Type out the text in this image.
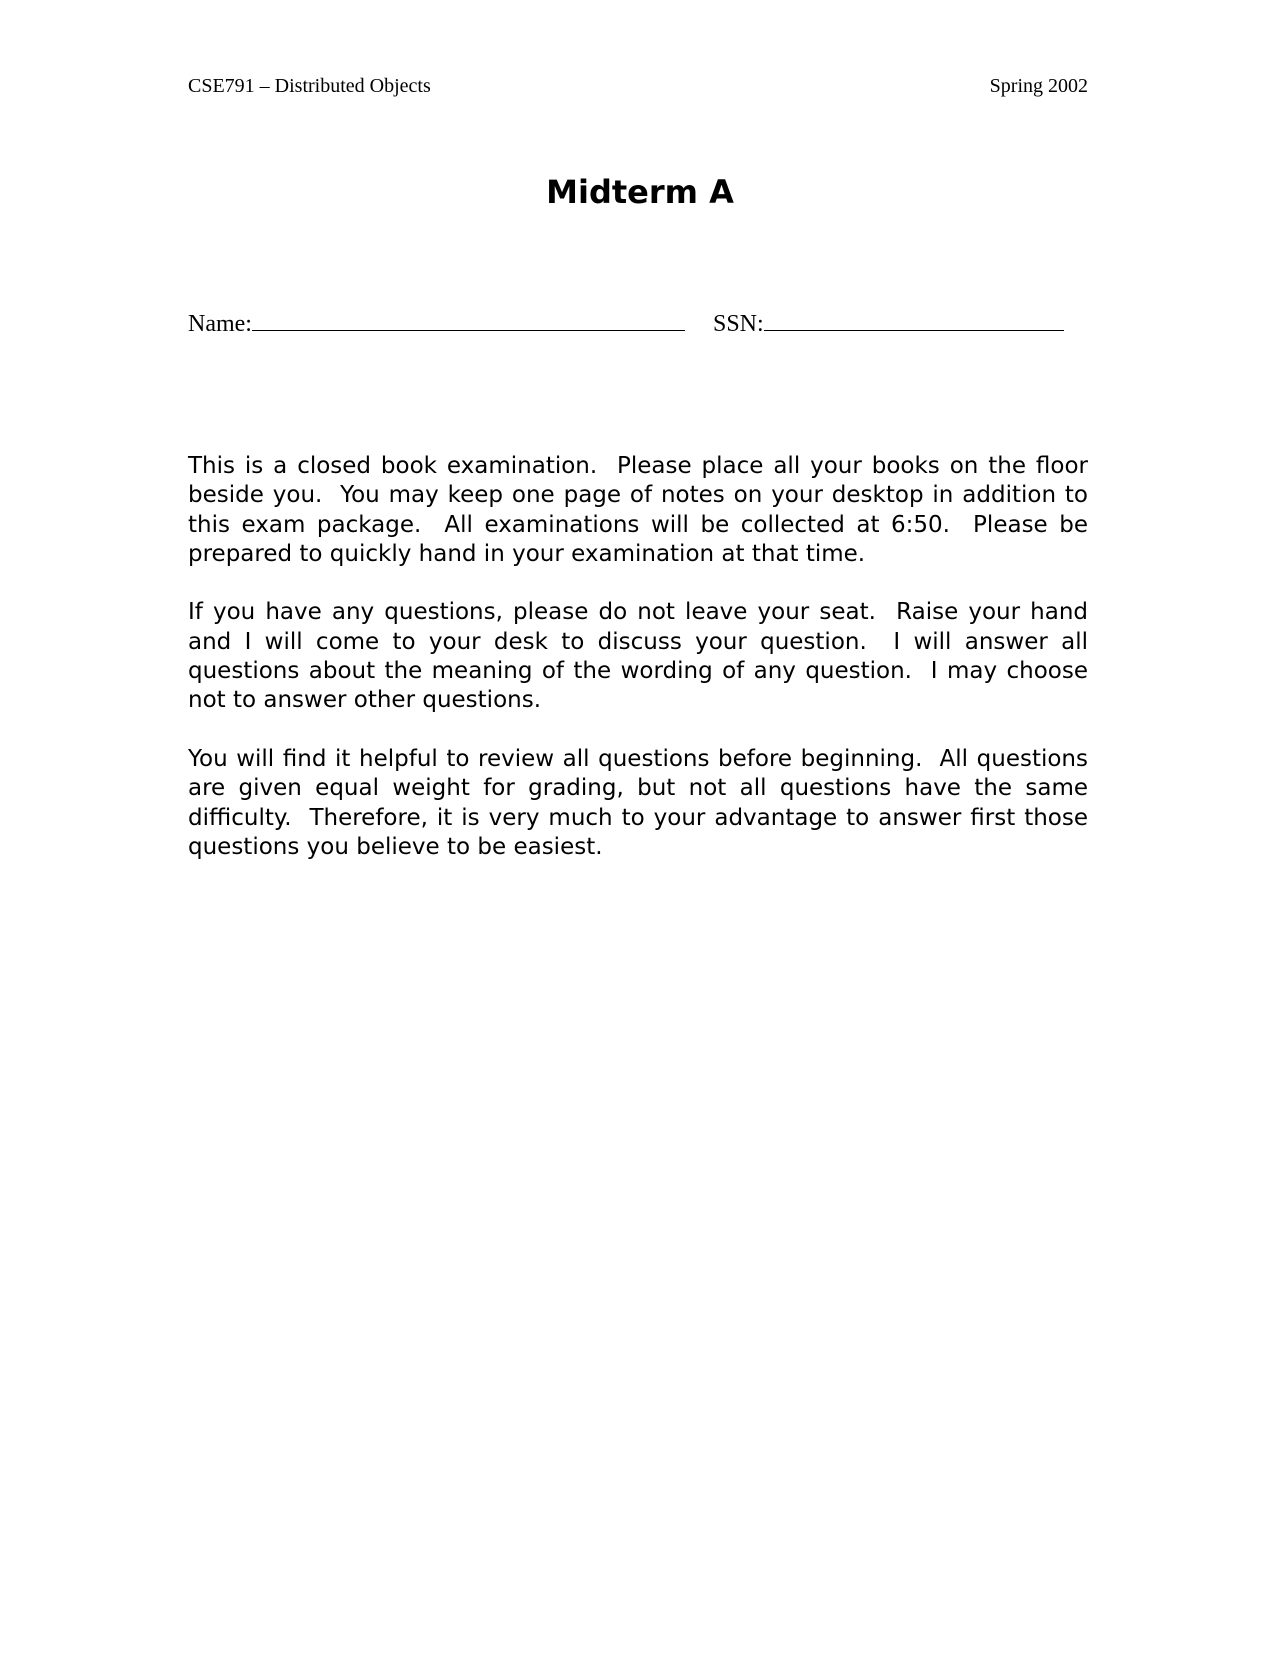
CSE791 – Distributed Objects	Spring 2002
Midterm A
Name:	SSN:

This is a closed book examination.  Please place all your books on the floor beside you.  You may keep one page of notes on your desktop in addition to this exam package.  All examinations will be collected at 6:50.  Please be prepared to quickly hand in your examination at that time.

If you have any questions, please do not leave your seat.  Raise your hand and I will come to your desk to discuss your question.  I will answer all questions about the meaning of the wording of any question.  I may choose not to answer other questions.

You will find it helpful to review all questions before beginning.  All questions are given equal weight for grading, but not all questions have the same difficulty.  Therefore, it is very much to your advantage to answer first those questions you believe to be easiest.
